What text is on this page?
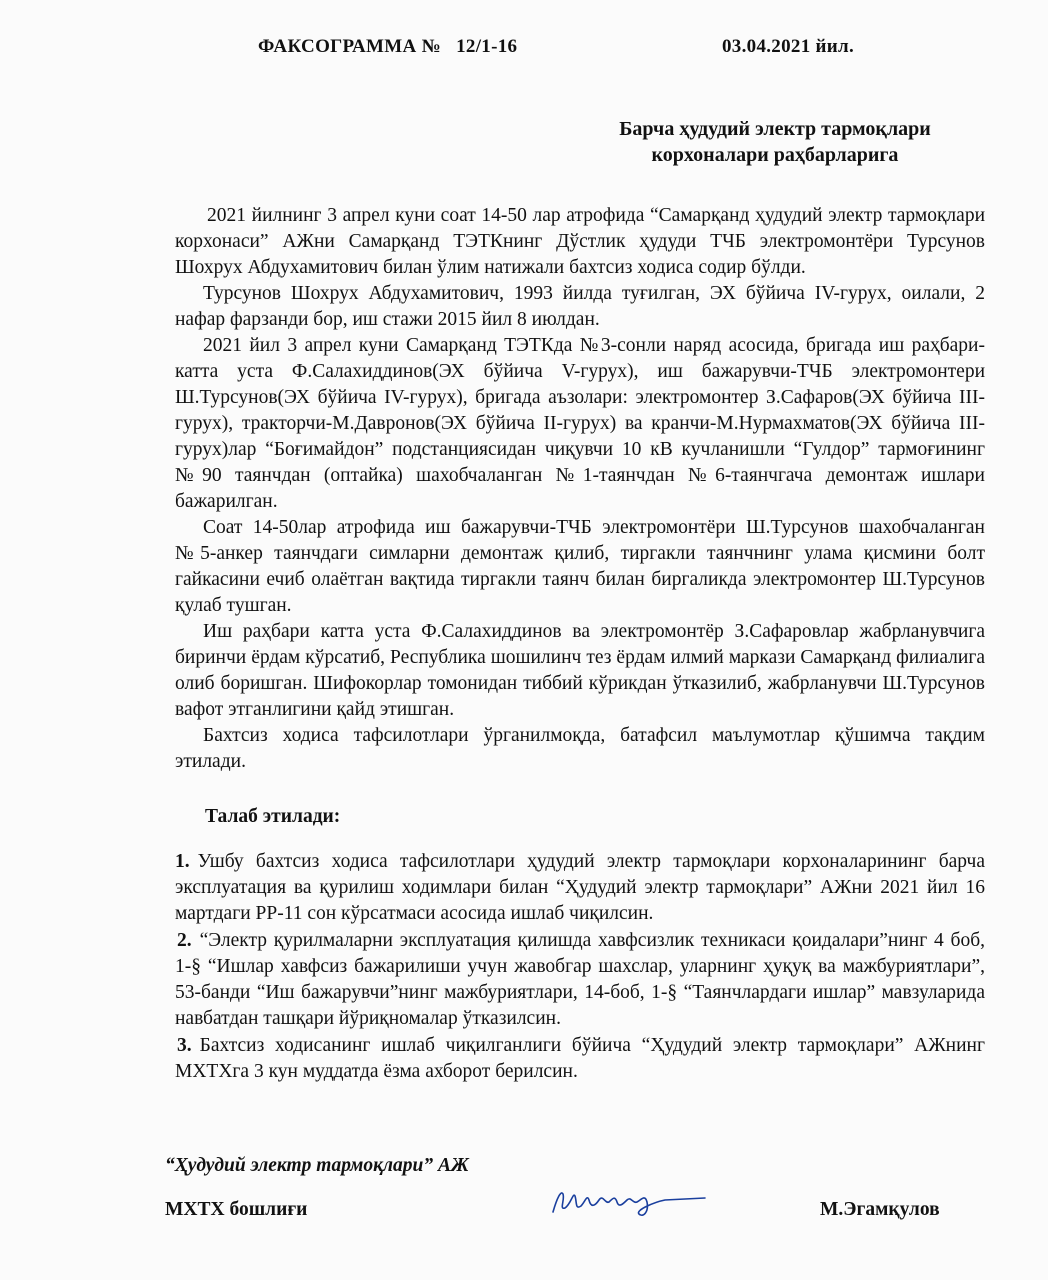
ФАКСОГРАММА №   12/1-16	03.04.2021 йил.
Барча ҳудудий электр тармоқлари
корхоналари раҳбарларига

2021 йилнинг 3 апрел куни соат 14-50 лар атрофида “Самарқанд ҳудудий электр тармоқлари корхонаси” АЖни Самарқанд ТЭТКнинг Дўстлик ҳудуди ТЧБ электромонтёри Турсунов Шохрух Абдухамитович билан ўлим натижали бахтсиз ходиса содир бўлди.

Турсунов Шохрух Абдухамитович, 1993 йилда туғилган, ЭХ бўйича IV-гурух, оилали, 2 нафар фарзанди бор, иш стажи 2015 йил 8 июлдан.

2021 йил 3 апрел куни Самарқанд ТЭТКда №3-сонли наряд асосида, бригада иш раҳбари-катта уста Ф.Салахиддинов(ЭХ бўйича V-гурух), иш бажарувчи-ТЧБ электромонтери Ш.Турсунов(ЭХ бўйича IV-гурух), бригада аъзолари: электромонтер З.Сафаров(ЭХ бўйича III-гурух), тракторчи-М.Давронов(ЭХ бўйича II-гурух) ва кранчи-М.Нурмахматов(ЭХ бўйича III-гурух)лар “Боғимайдон” подстанциясидан чиқувчи 10 кВ кучланишли “Гулдор” тармоғининг №90 таянчдан (оптайка) шахобчаланган №1-таянчдан №6-таянчгача демонтаж ишлари бажарилган.

Соат 14-50лар атрофида иш бажарувчи-ТЧБ электромонтёри Ш.Турсунов шахобчаланган №5-анкер таянчдаги симларни демонтаж қилиб, тиргакли таянчнинг улама қисмини болт гайкасини ечиб олаётган вақтида тиргакли таянч билан биргаликда электромонтер Ш.Турсунов қулаб тушган.

Иш раҳбари катта уста Ф.Салахиддинов ва электромонтёр З.Сафаровлар жабрланувчига биринчи ёрдам кўрсатиб, Республика шошилинч тез ёрдам илмий маркази Самарқанд филиалига олиб боришган. Шифокорлар томонидан тиббий кўрикдан ўтказилиб, жабрланувчи Ш.Турсунов вафот этганлигини қайд этишган.

Бахтсиз ходиса тафсилотлари ўрганилмоқда, батафсил маълумотлар қўшимча тақдим этилади.

Талаб этилади:

1. Ушбу бахтсиз ходиса тафсилотлари ҳудудий электр тармоқлари корхоналарининг барча эксплуатация ва қурилиш ходимлари билан “Ҳудудий электр тармоқлари” АЖни 2021 йил 16 мартдаги РР-11 сон кўрсатмаси асосида ишлаб чиқилсин.

2. “Электр қурилмаларни эксплуатация қилишда хавфсизлик техникаси қоидалари”нинг 4 боб, 1-§ “Ишлар хавфсиз бажарилиши учун жавобгар шахслар, уларнинг ҳуқуқ ва мажбуриятлари”, 53-банди “Иш бажарувчи”нинг мажбуриятлари, 14-боб, 1-§ “Таянчлардаги ишлар” мавзуларида навбатдан ташқари йўриқномалар ўтказилсин.

3. Бахтсиз ходисанинг ишлаб чиқилганлиги бўйича “Ҳудудий электр тармоқлари” АЖнинг МХТХга 3 кун муддатда ёзма ахборот берилсин.

“Ҳудудий электр тармоқлари” АЖ
МХТХ бошлиғи	М.Эгамқулов
